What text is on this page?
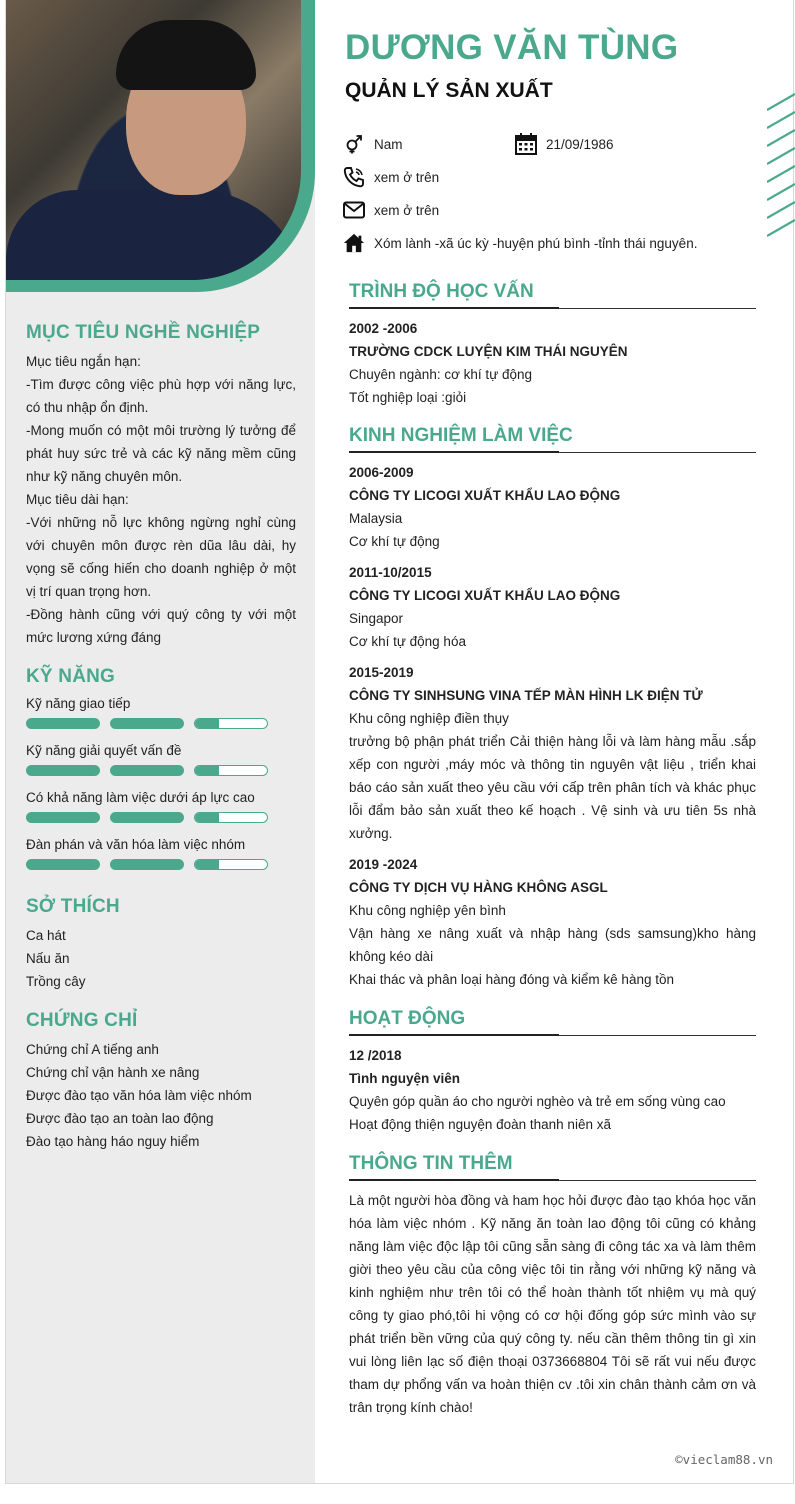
MỤC TIÊU NGHỀ NGHIỆP
Mục tiêu ngắn hạn:
-Tìm được công việc phù hợp với năng lực, có thu nhập ổn định.
-Mong muốn có một môi trường lý tưởng để phát huy sức trẻ và các kỹ năng mềm cũng như kỹ năng chuyên môn.
Mục tiêu dài hạn:
-Với những nỗ lực không ngừng nghỉ cùng với chuyên môn được rèn dũa lâu dài, hy vọng sẽ cống hiến cho doanh nghiệp ở một vị trí quan trọng hơn.
-Đồng hành cũng với quý công ty với một mức lương xứng đáng
KỸ NĂNG
Kỹ năng giao tiếp
Kỹ năng giải quyết vấn đề
Có khả năng làm việc dưới áp lực cao
Đàn phán và văn hóa làm việc nhóm
SỞ THÍCH
Ca hát
Nấu ăn
Trồng cây
CHỨNG CHỈ
Chứng chỉ A tiếng anh
Chứng chỉ vận hành xe nâng
Được đào tạo văn hóa làm việc nhóm
Được đào tạo an toàn lao động
Đào tạo hàng háo nguy hiểm
DƯƠNG VĂN TÙNG
QUẢN LÝ SẢN XUẤT
Nam	21/09/1986
xem ở trên
xem ở trên
Xóm lành -xã úc kỳ -huyện phú bình -tỉnh thái nguyên.
TRÌNH ĐỘ HỌC VẤN
2002 -2006
TRƯỜNG CDCK LUYỆN KIM THÁI NGUYÊN
Chuyên ngành: cơ khí tự động
Tốt nghiệp loại :giỏi
KINH NGHIỆM LÀM VIỆC
2006-2009
CÔNG TY LICOGI XUẤT KHẨU LAO ĐỘNG
Malaysia
Cơ khí tự động
2011-10/2015
CÔNG TY LICOGI XUẤT KHẨU LAO ĐỘNG
Singapor
Cơ khí tự động hóa
2015-2019
CÔNG TY SINHSUNG VINA TẾP MÀN HÌNH LK ĐIỆN TỬ
Khu công nghiệp điền thụy
trưởng bộ phận phát triển Cải thiện hàng lỗi và làm hàng mẫu .sắp xếp con người ,máy móc và thông tin nguyên vật liệu , triển khai báo cáo sản xuất theo yêu cầu với cấp trên phân tích và khác phục lỗi đẩm bảo sản xuất theo kế hoạch . Vệ sinh và ưu tiên 5s nhà xưởng.
2019 -2024
CÔNG TY DỊCH VỤ HÀNG KHÔNG ASGL
Khu công nghiệp yên bình
Vận hàng xe nâng xuất và nhập hàng (sds samsung)kho hàng không kéo dài
Khai thác và phân loại hàng đóng và kiểm kê hàng tồn
HOẠT ĐỘNG
12 /2018
Tình nguyện viên
Quyên góp quần áo cho người nghèo và trẻ em sống vùng cao
Hoạt động thiện nguyện đoàn thanh niên xã
THÔNG TIN THÊM
Là một người hòa đồng và ham học hỏi được đào tạo khóa học văn hóa làm việc nhóm . Kỹ năng ăn toàn lao động tôi cũng có khảng năng làm việc độc lập tôi cũng sẵn sàng đi công tác xa và làm thêm giời theo yêu cầu của công việc tôi tin rằng với những kỹ năng và kinh nghiệm như trên tôi có thể hoàn thành tốt nhiệm vụ mà quý công ty giao phó,tôi hi vộng có cơ hội đống góp sức mình vào sự phát triển bền vững của quý công ty. nếu cần thêm thông tin gì xin vui lòng liên lạc số điện thoại 0373668804 Tôi sẽ rất vui nếu được tham dự phổng vấn va hoàn thiện cv .tôi xin chân thành cảm ơn và trân trọng kính chào!
©vieclam88.vn
